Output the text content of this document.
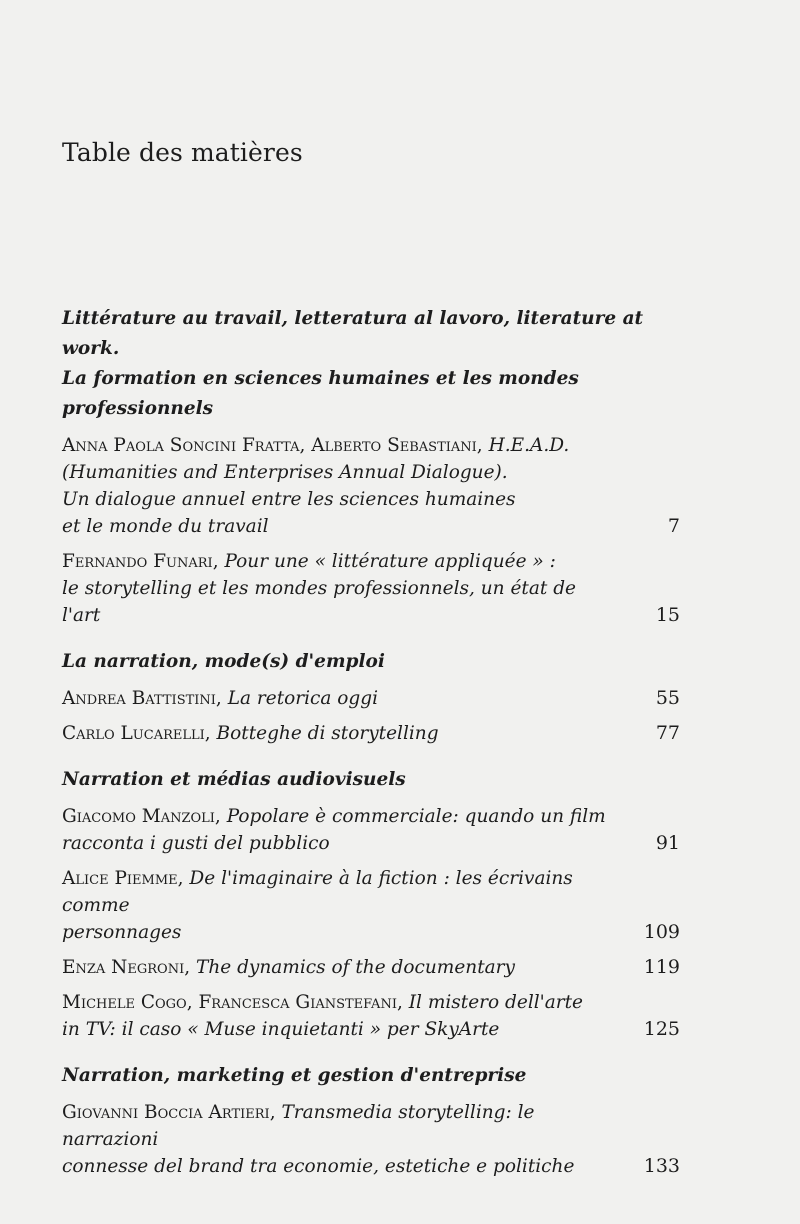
Table des matières
Littérature au travail, letteratura al lavoro, literature at work.
La formation en sciences humaines et les mondes professionnels
Anna Paola Soncini Fratta, Alberto Sebastiani, H.E.A.D.
(Humanities and Enterprises Annual Dialogue).
Un dialogue annuel entre les sciences humaines
et le monde du travail	7
Fernando Funari, Pour une « littérature appliquée » :
le storytelling et les mondes professionnels, un état de l'art	15
La narration, mode(s) d'emploi
Andrea Battistini, La retorica oggi	55
Carlo Lucarelli, Botteghe di storytelling	77
Narration et médias audiovisuels
Giacomo Manzoli, Popolare è commerciale: quando un film
racconta i gusti del pubblico	91
Alice Piemme, De l'imaginaire à la fiction : les écrivains comme
personnages	109
Enza Negroni, The dynamics of the documentary	119
Michele Cogo, Francesca Gianstefani, Il mistero dell'arte
in TV: il caso « Muse inquietanti » per SkyArte	125
Narration, marketing et gestion d'entreprise
Giovanni Boccia Artieri, Transmedia storytelling: le narrazioni
connesse del brand tra economie, estetiche e politiche	133
